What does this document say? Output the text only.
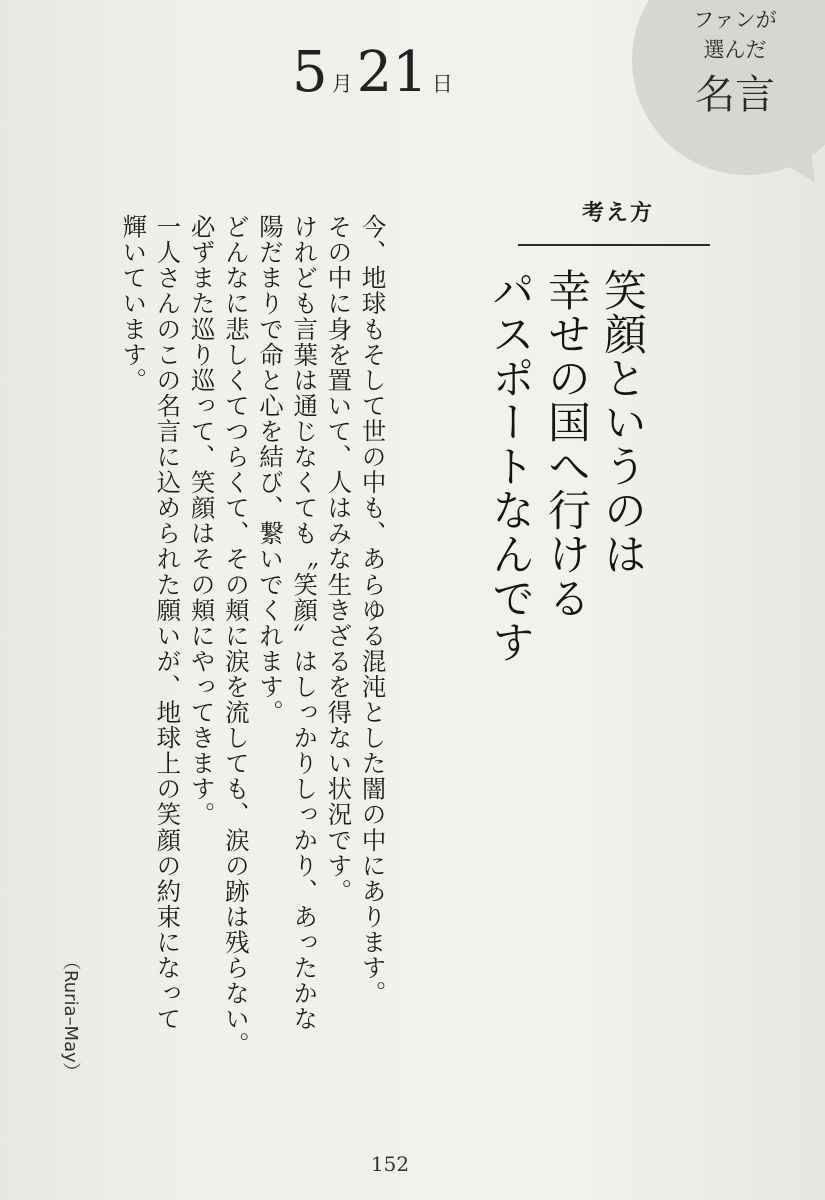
ファンが
選んだ
名言
5 月21 日
考え方
笑顔というのは
幸せの国へ行ける
パスポートなんです
今、地球もそして世の中も、あらゆる混沌とした闇の中にあります。
その中に身を置いて、人はみな生きざるを得ない状況です。
けれども言葉は通じなくても〝笑顔〟はしっかりしっかり、あったかな
陽だまりで命と心を結び、繋いでくれます。
どんなに悲しくてつらくて、その頬に涙を流しても、涙の跡は残らない。
必ずまた巡り巡って、笑顔はその頬にやってきます。
一人さんのこの名言に込められた願いが、地球上の笑顔の約束になって
輝いています。
（Ruria–May）
152
